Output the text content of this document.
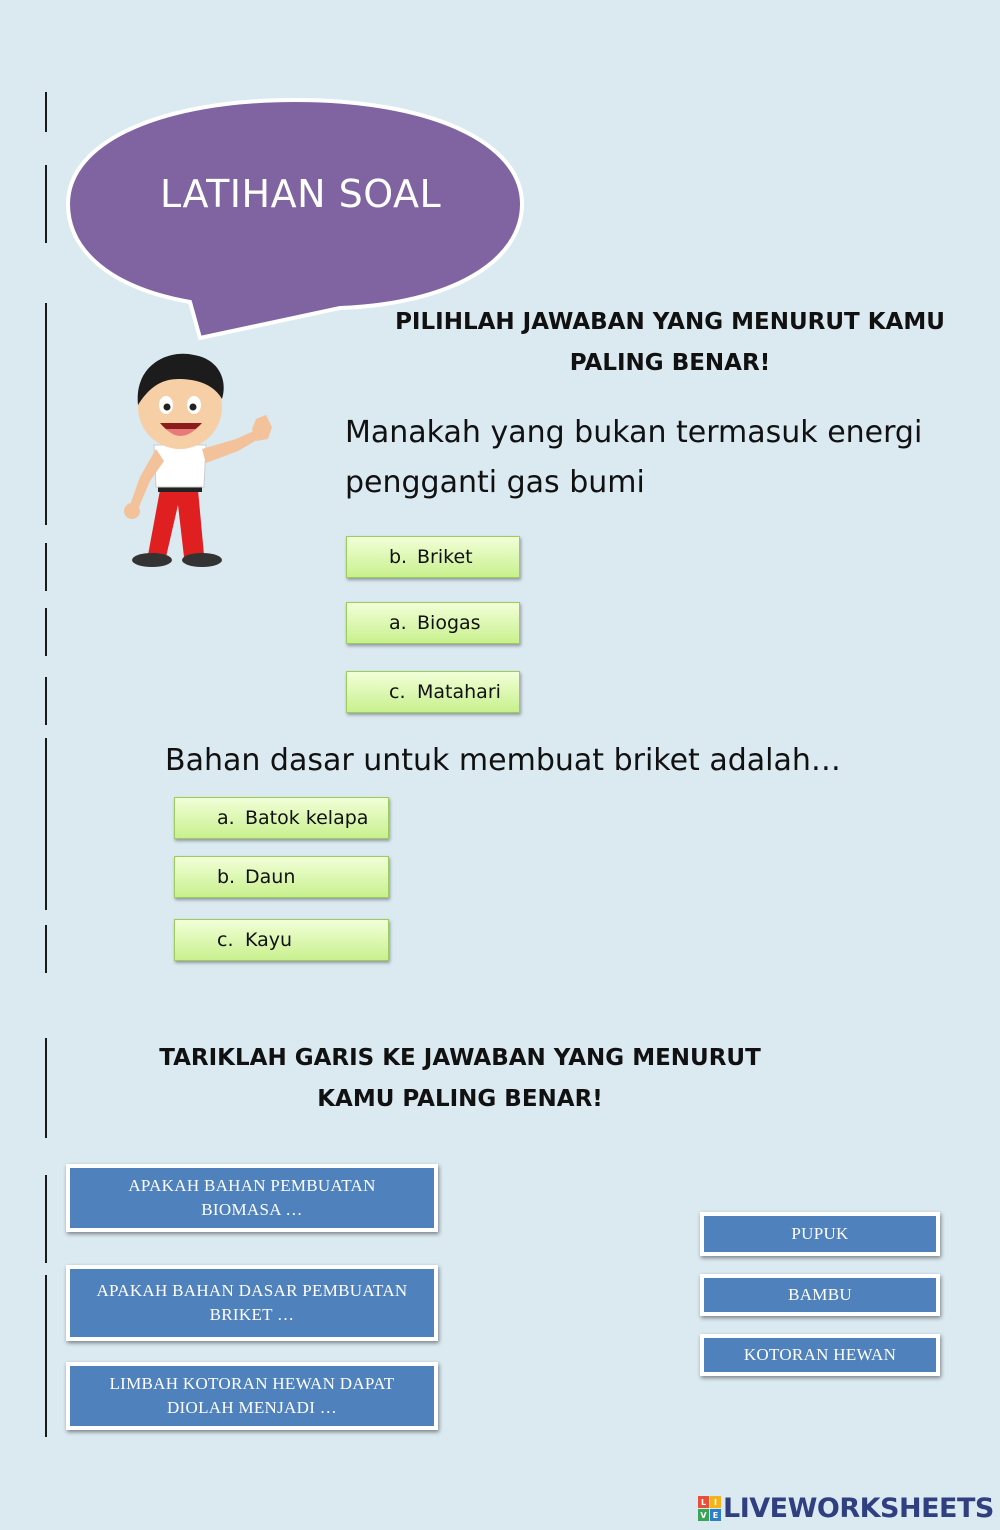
LATIHAN SOAL
PILIHLAH JAWABAN YANG MENURUT KAMU
PALING BENAR!
Manakah yang bukan termasuk energi
pengganti gas bumi
b. Briket
a. Biogas
c. Matahari
Bahan dasar untuk membuat briket adalah…
a. Batok kelapa
b. Daun
c. Kayu
TARIKLAH GARIS KE JAWABAN YANG MENURUT
KAMU PALING BENAR!
APAKAH BAHAN PEMBUATAN
BIOMASA …
APAKAH BAHAN DASAR PEMBUATAN
BRIKET …
LIMBAH KOTORAN HEWAN DAPAT
DIOLAH MENJADI …
PUPUK
BAMBU
KOTORAN HEWAN
L I
V E LIVEWORKSHEETS
